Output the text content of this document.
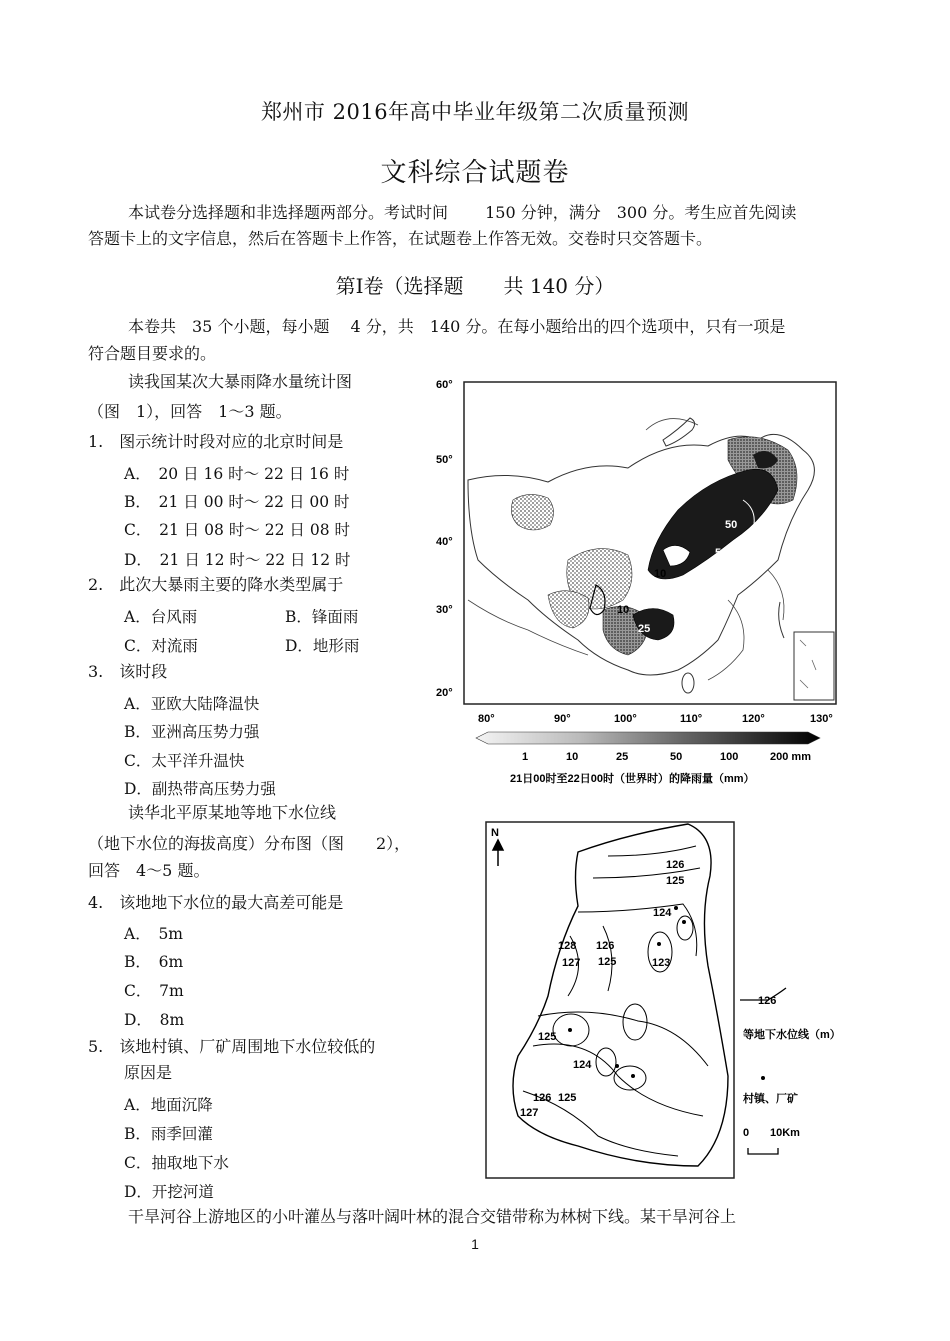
郑州市 2016年高中毕业年级第二次质量预测
文科综合试题卷
本试卷分选择题和非选择题两部分。考试时间　　 150 分钟，满分　300 分。考生应首先阅读
答题卡上的文字信息，然后在答题卡上作答，在试题卷上作答无效。交卷时只交答题卡。
第Ⅰ卷（选择题　　共 140 分）
本卷共　35 个小题，每小题　 4 分，共　140 分。在每小题给出的四个选项中，只有一项是
符合题目要求的。
读我国某次大暴雨降水量统计图
（图　1），回答　1～3 题。
1.　图示统计时段对应的北京时间是
A．　20 日 16 时～ 22 日 16 时
B．　21 日 00 时～ 22 日 00 时
C．　21 日 08 时～ 22 日 08 时
D．　21 日 12 时～ 22 日 12 时
2.　此次大暴雨主要的降水类型属于
A．台风雨	B．锋面雨
C．对流雨	D．地形雨
3.　该时段
A．亚欧大陆降温快
B．亚洲高压势力强
C．太平洋升温快
D．副热带高压势力强
读华北平原某地等地下水位线
（地下水位的海拔高度）分布图（图　　2），
回答　4～5 题。
4.　该地地下水位的最大高差可能是
A．　5m
B．　6m
C．　7m
D．　8m
5.　该地村镇、厂矿周围地下水位较低的
原因是
A．地面沉降
B．雨季回灌
C．抽取地下水
D．开挖河道
干旱河谷上游地区的小叶灌丛与落叶阔叶林的混合交错带称为林树下线。某干旱河谷上
50
10
10
25
50
60°
50°
40°
30°
20°
80°	90°	100°	110°	120°	130°
1	10	25	50	100	200 mm
21日00时至22日00时（世界时）的降雨量（mm）
N
126
125
124
128
127
126
125	123
125
124
126 125
127
126
等地下水位线（m）
村镇、厂矿
0 10Km
1
